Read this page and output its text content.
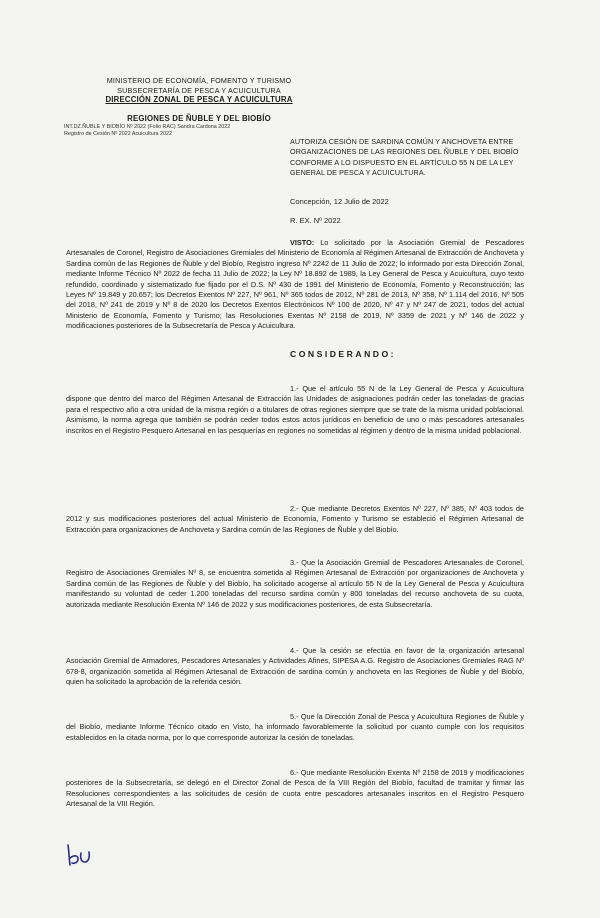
MINISTERIO DE ECONOMÍA, FOMENTO Y TURISMO
SUBSECRETARÍA DE PESCA Y ACUICULTURA
DIRECCIÓN ZONAL DE PESCA Y ACUICULTURA
REGIONES DE ÑUBLE Y DEL BIOBÍO
INT.DZ.ÑUBLE Y BIOBÍO Nº 2022 (Folio RAC) Sandra Cardona 2022
Registro de Cesión Nº 2022 Acuicultura 2022
AUTORIZA CESIÓN DE SARDINA COMÚN Y ANCHOVETA ENTRE ORGANIZACIONES DE LAS REGIONES DEL ÑUBLE Y DEL BIOBÍO CONFORME A LO DISPUESTO EN EL ARTÍCULO 55 N DE LA LEY GENERAL DE PESCA Y ACUICULTURA.
Concepción, 12 Julio de 2022
R. EX. Nº 2022
VISTO: Lo solicitado por la Asociación Gremial de Pescadores Artesanales de Coronel, Registro de Asociaciones Gremiales del Ministerio de Economía al Régimen Artesanal de Extracción de Anchoveta y Sardina común de las Regiones de Ñuble y del Biobío, Registro ingreso Nº 2242 de 11 Julio de 2022; lo informado por esta Dirección Zonal, mediante Informe Técnico Nº 2022 de fecha 11 Julio de 2022; la Ley Nº 18.892 de 1989, la Ley General de Pesca y Acuicultura, cuyo texto refundido, coordinado y sistematizado fue fijado por el D.S. Nº 430 de 1991 del Ministerio de Economía, Fomento y Reconstrucción; las Leyes Nº 19.849 y 20.657; los Decretos Exentos Nº 227, Nº 961, Nº 365 todos de 2012, Nº 281 de 2013, Nº 358, Nº 1.114 del 2016, Nº 505 del 2018, Nº 241 de 2019 y Nº 8 de 2020 los Decretos Exentos Electrónicos Nº 100 de 2020, Nº 47 y Nº 247 de 2021, todos del actual Ministerio de Economía, Fomento y Turismo; las Resoluciones Exentas Nº 2158 de 2019, Nº 3359 de 2021 y Nº 146 de 2022 y modificaciones posteriores de la Subsecretaría de Pesca y Acuicultura.
CONSIDERANDO:
1.- Que el artículo 55 N de la Ley General de Pesca y Acuicultura dispone que dentro del marco del Régimen Artesanal de Extracción las Unidades de asignaciones podrán ceder las toneladas de gracias para el respectivo año a otra unidad de la misma región o a titulares de otras regiones siempre que se trate de la misma unidad poblacional. Asimismo, la norma agrega que también se podrán ceder todos estos actos jurídicos en beneficio de uno o más pescadores artesanales inscritos en el Registro Pesquero Artesanal en las pesquerías en regiones no sometidas al régimen y dentro de la misma unidad poblacional.
2.- Que mediante Decretos Exentos Nº 227, Nº 385, Nº 403 todos de 2012 y sus modificaciones posteriores del actual Ministerio de Economía, Fomento y Turismo se estableció el Régimen Artesanal de Extracción para organizaciones de Anchoveta y Sardina común de las Regiones de Ñuble y del Biobío.
3.- Que la Asociación Gremial de Pescadores Artesanales de Coronel, Registro de Asociaciones Gremiales Nº 8, se encuentra sometida al Régimen Artesanal de Extracción por organizaciones de Anchoveta y Sardina común de las Regiones de Ñuble y del Biobío, ha solicitado acogerse al artículo 55 N de la Ley General de Pesca y Acuicultura manifestando su voluntad de ceder 1.200 toneladas del recurso sardina común y 800 toneladas del recurso anchoveta de su cuota, autorizada mediante Resolución Exenta Nº 146 de 2022 y sus modificaciones posteriores, de esta Subsecretaría.
4.- Que la cesión se efectúa en favor de la organización artesanal Asociación Gremial de Armadores, Pescadores Artesanales y Actividades Afines, SIPESA A.G. Registro de Asociaciones Gremiales RAG Nº 678-8, organización sometida al Régimen Artesanal de Extracción de sardina común y anchoveta en las Regiones de Ñuble y del Biobío, quien ha solicitado la aprobación de la referida cesión.
5.- Que la Dirección Zonal de Pesca y Acuicultura Regiones de Ñuble y del Biobío, mediante Informe Técnico citado en Visto, ha informado favorablemente la solicitud por cuanto cumple con los requisitos establecidos en la citada norma, por lo que corresponde autorizar la cesión de toneladas.
6.- Que mediante Resolución Exenta Nº 2158 de 2019 y modificaciones posteriores de la Subsecretaría, se delegó en el Director Zonal de Pesca de la VIII Región del Biobío, facultad de tramitar y firmar las Resoluciones correspondientes a las solicitudes de cesión de cuota entre pescadores artesanales inscritos en el Registro Pesquero Artesanal de la VIII Región.
